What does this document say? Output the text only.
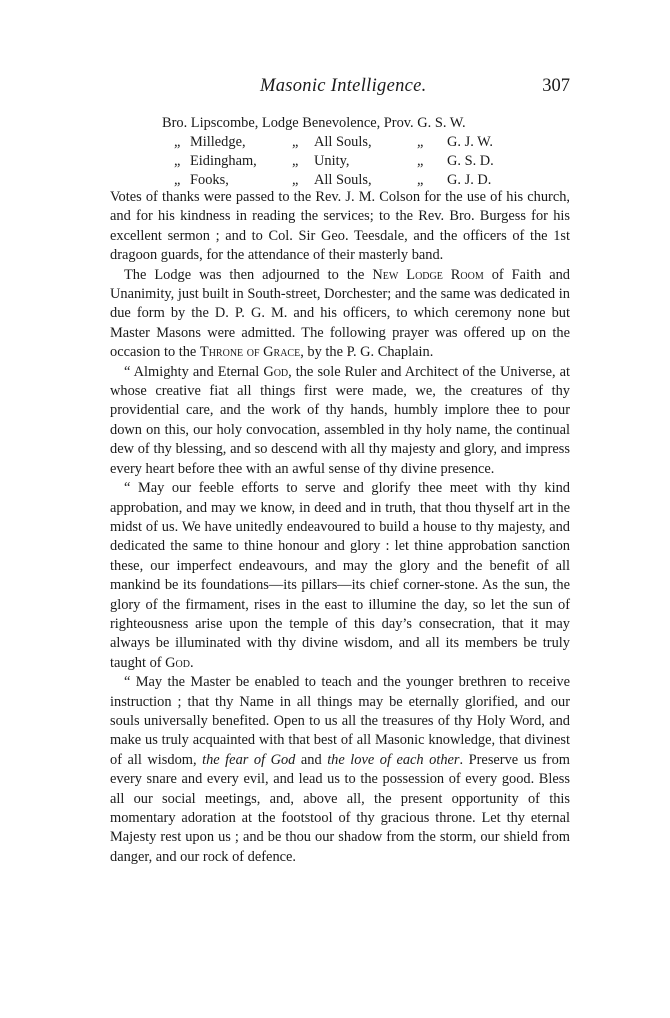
Masonic Intelligence.	307
Bro. Lipscombe, Lodge Benevolence, Prov. G. S. W.
„ Milledge,	„ All Souls,	„ G. J. W.
„ Eidingham, „ Unity,	„ G. S. D.
„ Fooks,	„ All Souls,	„ G. J. D.

Votes of thanks were passed to the Rev. J. M. Colson for the use of his church, and for his kindness in reading the services; to the Rev. Bro. Burgess for his excellent sermon ; and to Col. Sir Geo. Teesdale, and the officers of the 1st dragoon guards, for the attendance of their masterly band.

The Lodge was then adjourned to the New Lodge Room of Faith and Unanimity, just built in South-street, Dorchester; and the same was dedicated in due form by the D. P. G. M. and his officers, to which ceremony none but Master Masons were admitted. The following prayer was offered up on the occasion to the Throne of Grace, by the P. G. Chaplain.

“ Almighty and Eternal God, the sole Ruler and Architect of the Universe, at whose creative fiat all things first were made, we, the creatures of thy providential care, and the work of thy hands, humbly implore thee to pour down on this, our holy convocation, assembled in thy holy name, the continual dew of thy blessing, and so descend with all thy majesty and glory, and impress every heart before thee with an awful sense of thy divine presence.

“ May our feeble efforts to serve and glorify thee meet with thy kind approbation, and may we know, in deed and in truth, that thou thyself art in the midst of us. We have unitedly endeavoured to build a house to thy majesty, and dedicated the same to thine honour and glory : let thine approbation sanction these, our imperfect endeavours, and may the glory and the benefit of all mankind be its foundations—its pillars—its chief corner-stone. As the sun, the glory of the firmament, rises in the east to illumine the day, so let the sun of righteousness arise upon the temple of this day’s consecration, that it may always be illuminated with thy divine wisdom, and all its members be truly taught of God.

“ May the Master be enabled to teach and the younger brethren to receive instruction ; that thy Name in all things may be eternally glorified, and our souls universally benefited. Open to us all the treasures of thy Holy Word, and make us truly acquainted with that best of all Masonic knowledge, that divinest of all wisdom, the fear of God and the love of each other. Preserve us from every snare and every evil, and lead us to the possession of every good. Bless all our social meetings, and, above all, the present opportunity of this momentary adoration at the footstool of thy gracious throne. Let thy eternal Majesty rest upon us ; and be thou our shadow from the storm, our shield from danger, and our rock of defence.
